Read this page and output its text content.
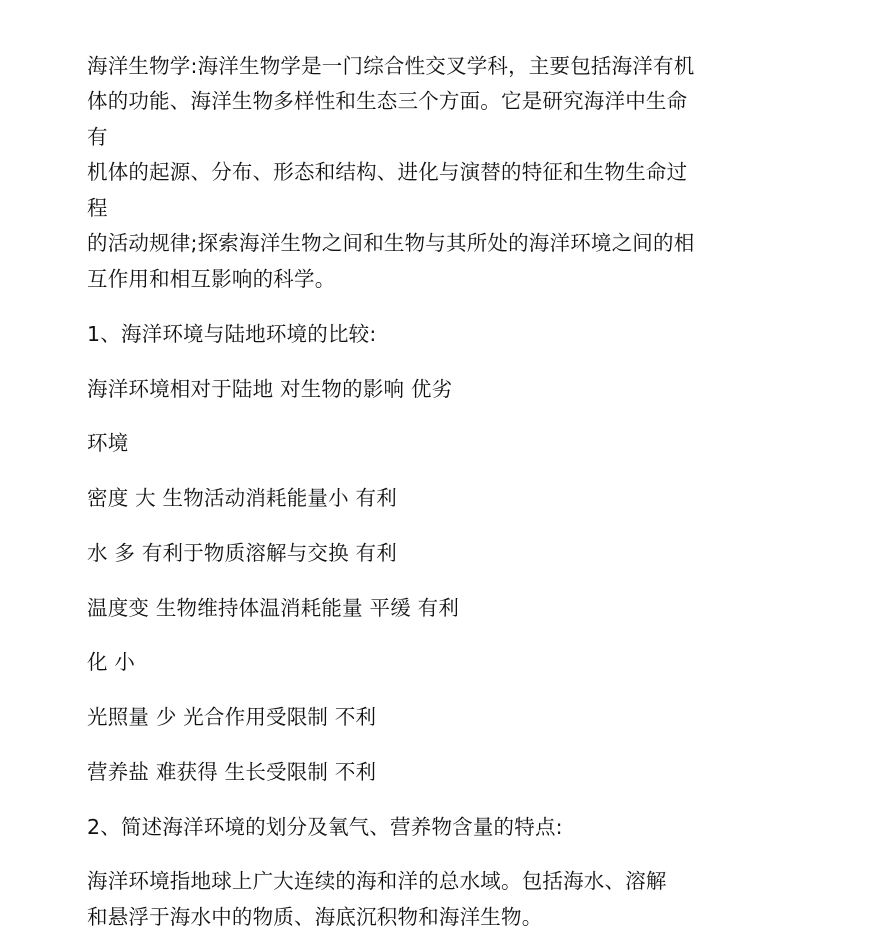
海洋生物学:海洋生物学是一门综合性交叉学科，主要包括海洋有机
体的功能、海洋生物多样性和生态三个方面。它是研究海洋中生命
有
机体的起源、分布、形态和结构、进化与演替的特征和生物生命过
程
的活动规律;探索海洋生物之间和生物与其所处的海洋环境之间的相
互作用和相互影响的科学。
1、海洋环境与陆地环境的比较:
海洋环境相对于陆地 对生物的影响 优劣
环境
密度 大 生物活动消耗能量小 有利
水 多 有利于物质溶解与交换 有利
温度变 生物维持体温消耗能量 平缓 有利
化 小
光照量 少 光合作用受限制 不利
营养盐 难获得 生长受限制 不利
2、简述海洋环境的划分及氧气、营养物含量的特点:
海洋环境指地球上广大连续的海和洋的总水域。包括海水、溶解
和悬浮于海水中的物质、海底沉积物和海洋生物。
